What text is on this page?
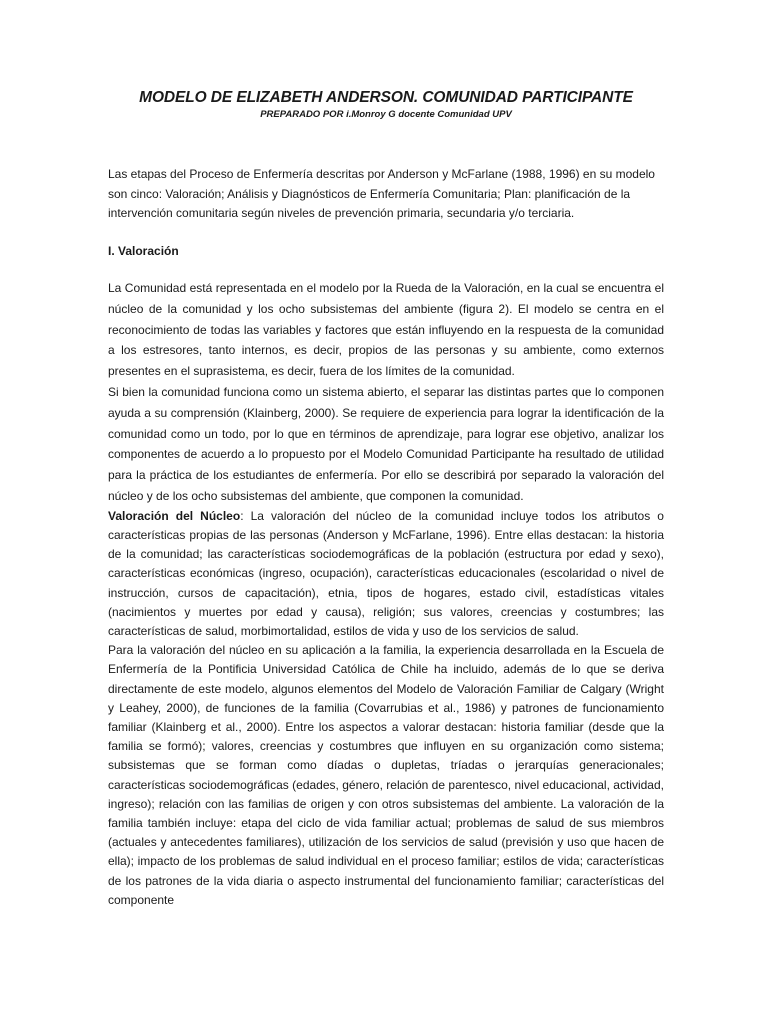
MODELO DE ELIZABETH ANDERSON. COMUNIDAD PARTICIPANTE

PREPARADO POR i.Monroy G docente Comunidad UPV

Las etapas del Proceso de Enfermería descritas por Anderson y McFarlane (1988, 1996) en su modelo son cinco: Valoración; Análisis y Diagnósticos de Enfermería Comunitaria; Plan: planificación de la intervención comunitaria según niveles de prevención primaria, secundaria y/o terciaria.

I. Valoración

La Comunidad está representada en el modelo por la Rueda de la Valoración, en la cual se encuentra el núcleo de la comunidad y los ocho subsistemas del ambiente (figura 2). El modelo se centra en el reconocimiento de todas las variables y factores que están influyendo en la respuesta de la comunidad a los estresores, tanto internos, es decir, propios de las personas y su ambiente, como externos presentes en el suprasistema, es decir, fuera de los límites de la comunidad.

Si bien la comunidad funciona como un sistema abierto, el separar las distintas partes que lo componen ayuda a su comprensión (Klainberg, 2000). Se requiere de experiencia para lograr la identificación de la comunidad como un todo, por lo que en términos de aprendizaje, para lograr ese objetivo, analizar los componentes de acuerdo a lo propuesto por el Modelo Comunidad Participante ha resultado de utilidad para la práctica de los estudiantes de enfermería. Por ello se describirá por separado la valoración del núcleo y de los ocho subsistemas del ambiente, que componen la comunidad.

Valoración del Núcleo: La valoración del núcleo de la comunidad incluye todos los atributos o características propias de las personas (Anderson y McFarlane, 1996). Entre ellas destacan: la historia de la comunidad; las características sociodemográficas de la población (estructura por edad y sexo), características económicas (ingreso, ocupación), características educacionales (escolaridad o nivel de instrucción, cursos de capacitación), etnia, tipos de hogares, estado civil, estadísticas vitales (nacimientos y muertes por edad y causa), religión; sus valores, creencias y costumbres; las características de salud, morbimortalidad, estilos de vida y uso de los servicios de salud.

Para la valoración del núcleo en su aplicación a la familia, la experiencia desarrollada en la Escuela de Enfermería de la Pontificia Universidad Católica de Chile ha incluido, además de lo que se deriva directamente de este modelo, algunos elementos del Modelo de Valoración Familiar de Calgary (Wright y Leahey, 2000), de funciones de la familia (Covarrubias et al., 1986) y patrones de funcionamiento familiar (Klainberg et al., 2000). Entre los aspectos a valorar destacan: historia familiar (desde que la familia se formó); valores, creencias y costumbres que influyen en su organización como sistema; subsistemas que se forman como díadas o dupletas, tríadas o jerarquías generacionales; características sociodemográficas (edades, género, relación de parentesco, nivel educacional, actividad, ingreso); relación con las familias de origen y con otros subsistemas del ambiente. La valoración de la familia también incluye: etapa del ciclo de vida familiar actual; problemas de salud de sus miembros (actuales y antecedentes familiares), utilización de los servicios de salud (previsión y uso que hacen de ella); impacto de los problemas de salud individual en el proceso familiar; estilos de vida; características de los patrones de la vida diaria o aspecto instrumental del funcionamiento familiar; características del componente
